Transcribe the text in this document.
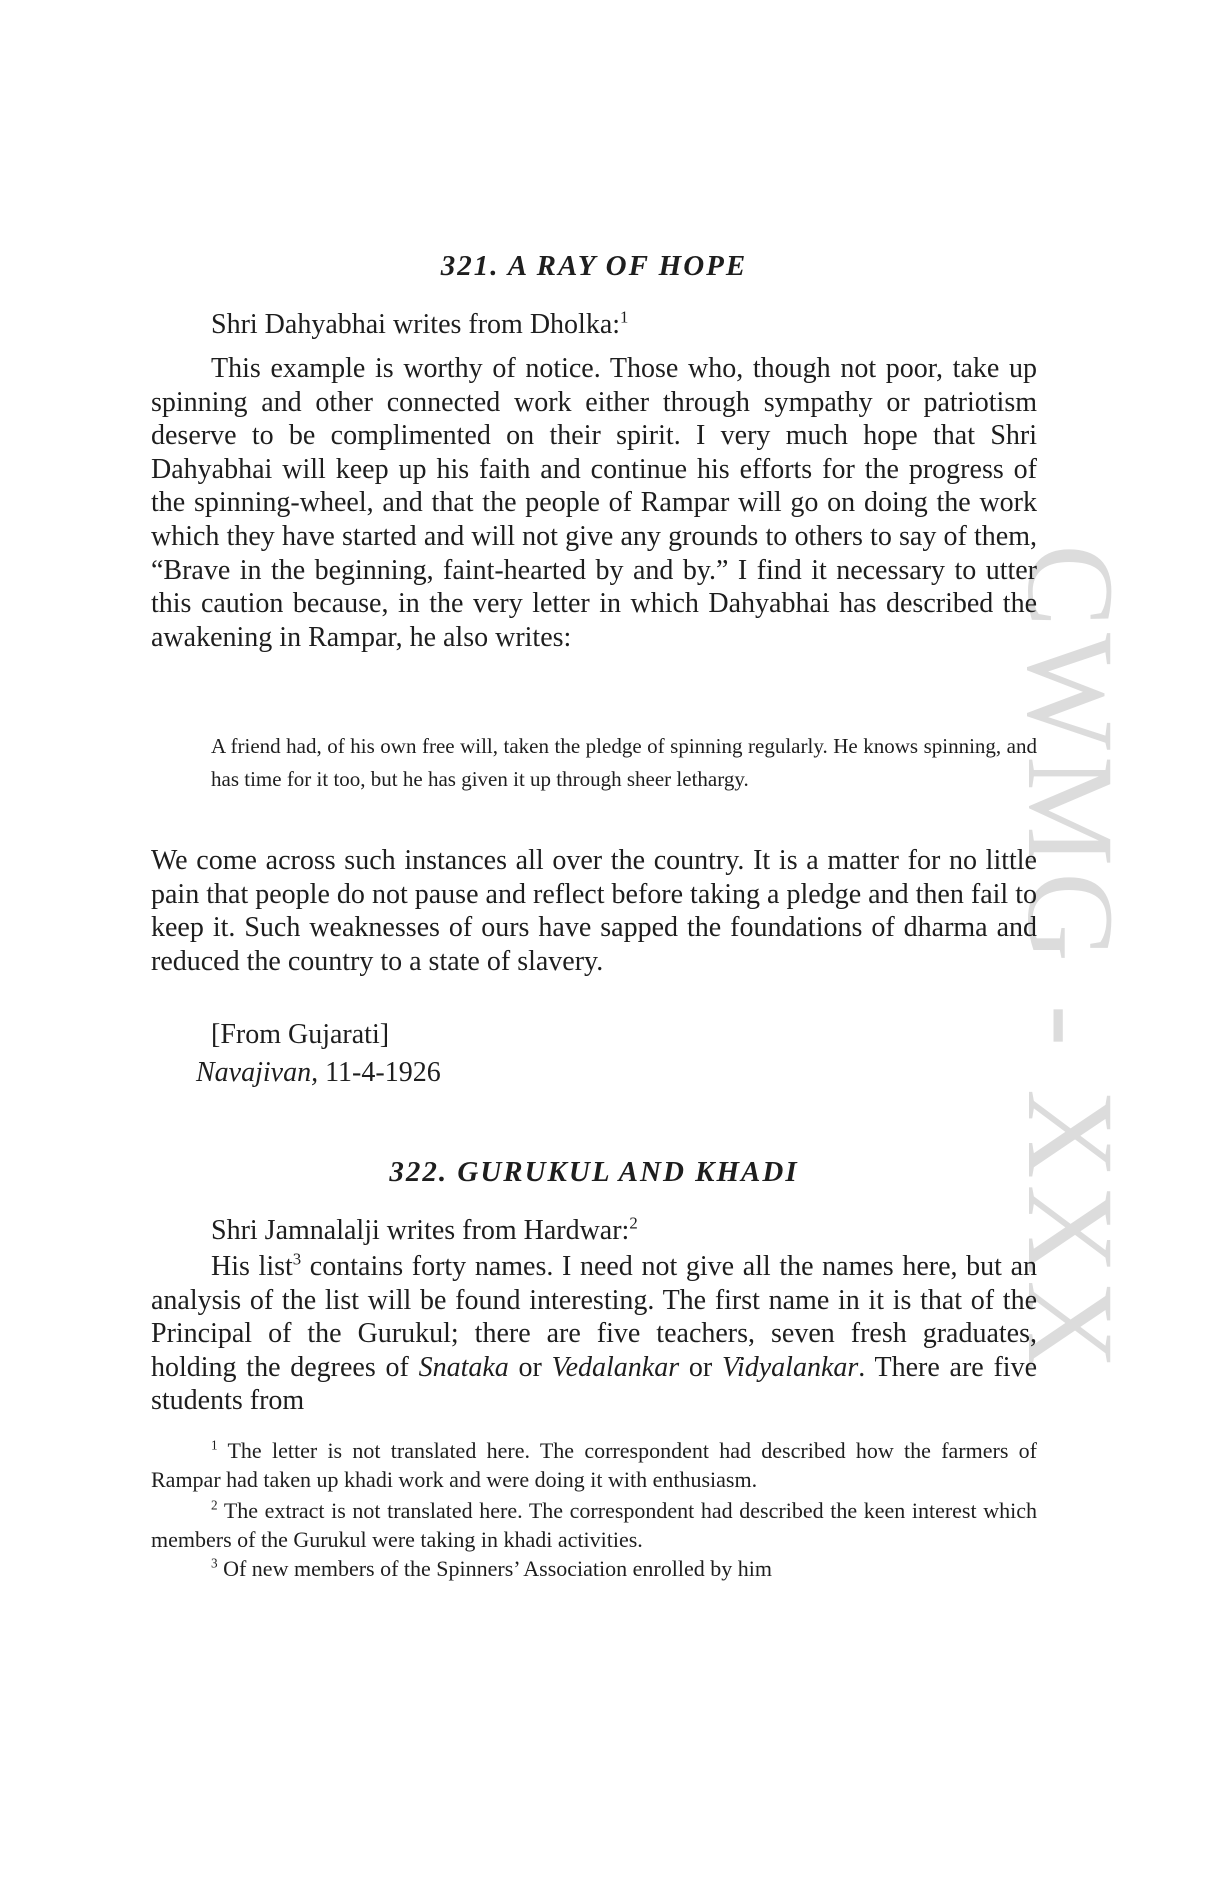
CWMG - XXX
321. A RAY OF HOPE

Shri Dahyabhai writes from Dholka:$^1$

This example is worthy of notice. Those who, though not poor, take up spinning and other connected work either through sympathy or patriotism deserve to be complimented on their spirit. I very much hope that Shri Dahyabhai will keep up his faith and continue his efforts for the progress of the spinning-wheel, and that the people of Rampar will go on doing the work which they have started and will not give any grounds to others to say of them, “Brave in the beginning, faint-hearted by and by.” I find it necessary to utter this caution because, in the very letter in which Dahyabhai has described the awakening in Rampar, he also writes:

A friend had, of his own free will, taken the pledge of spinning regularly. He knows spinning, and has time for it too, but he has given it up through sheer lethargy.

We come across such instances all over the country. It is a matter for no little pain that people do not pause and reflect before taking a pledge and then fail to keep it. Such weaknesses of ours have sapped the foundations of dharma and reduced the country to a state of slavery.

[From Gujarati]

Navajivan, 11-4-1926

322. GURUKUL AND KHADI

Shri Jamnalalji writes from Hardwar:$^2$

His list$^3$ contains forty names. I need not give all the names here, but an analysis of the list will be found interesting. The first name in it is that of the Principal of the Gurukul; there are five teachers, seven fresh graduates, holding the degrees of Snataka or Vedalankar or Vidyalankar. There are five students from

$^1$ The letter is not translated here. The correspondent had described how the farmers of Rampar had taken up khadi work and were doing it with enthusiasm.

$^2$ The extract is not translated here. The correspondent had described the keen interest which members of the Gurukul were taking in khadi activities.

$^3$ Of new members of the Spinners’ Association enrolled by him
